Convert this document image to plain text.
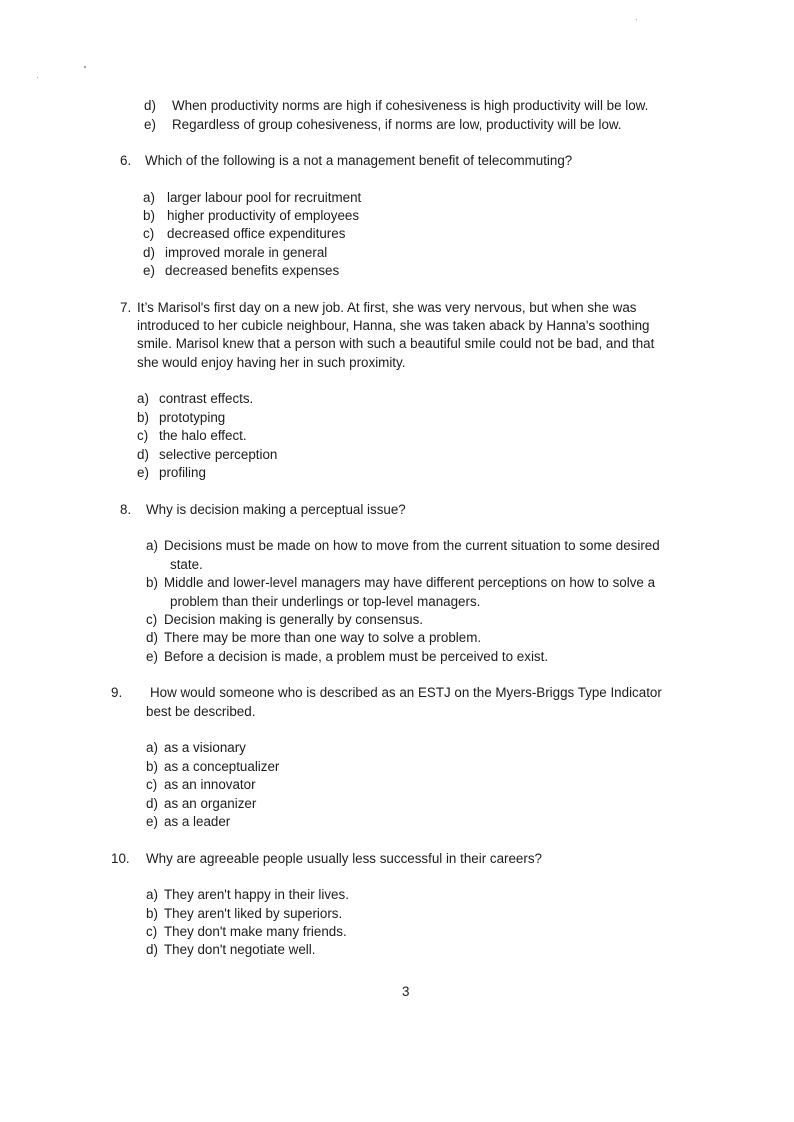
d) When productivity norms are high if cohesiveness is high productivity will be low.
e) Regardless of group cohesiveness, if norms are low, productivity will be low.
6. Which of the following is a not a management benefit of telecommuting?
a) larger labour pool for recruitment
b) higher productivity of employees
c) decreased office expenditures
d) improved morale in general
e) decreased benefits expenses
7. It’s Marisol's first day on a new job. At first, she was very nervous, but when she was
introduced to her cubicle neighbour, Hanna, she was taken aback by Hanna's soothing
smile. Marisol knew that a person with such a beautiful smile could not be bad, and that
she would enjoy having her in such proximity.
a) contrast effects.
b) prototyping
c) the halo effect.
d) selective perception
e) profiling
8. Why is decision making a perceptual issue?
a) Decisions must be made on how to move from the current situation to some desired
state.
b) Middle and lower-level managers may have different perceptions on how to solve a
problem than their underlings or top-level managers.
c) Decision making is generally by consensus.
d) There may be more than one way to solve a problem.
e) Before a decision is made, a problem must be perceived to exist.
9. How would someone who is described as an ESTJ on the Myers-Briggs Type Indicator
best be described.
a) as a visionary
b) as a conceptualizer
c) as an innovator
d) as an organizer
e) as a leader
10. Why are agreeable people usually less successful in their careers?
a) They aren't happy in their lives.
b) They aren't liked by superiors.
c) They don't make many friends.
d) They don't negotiate well.
3
